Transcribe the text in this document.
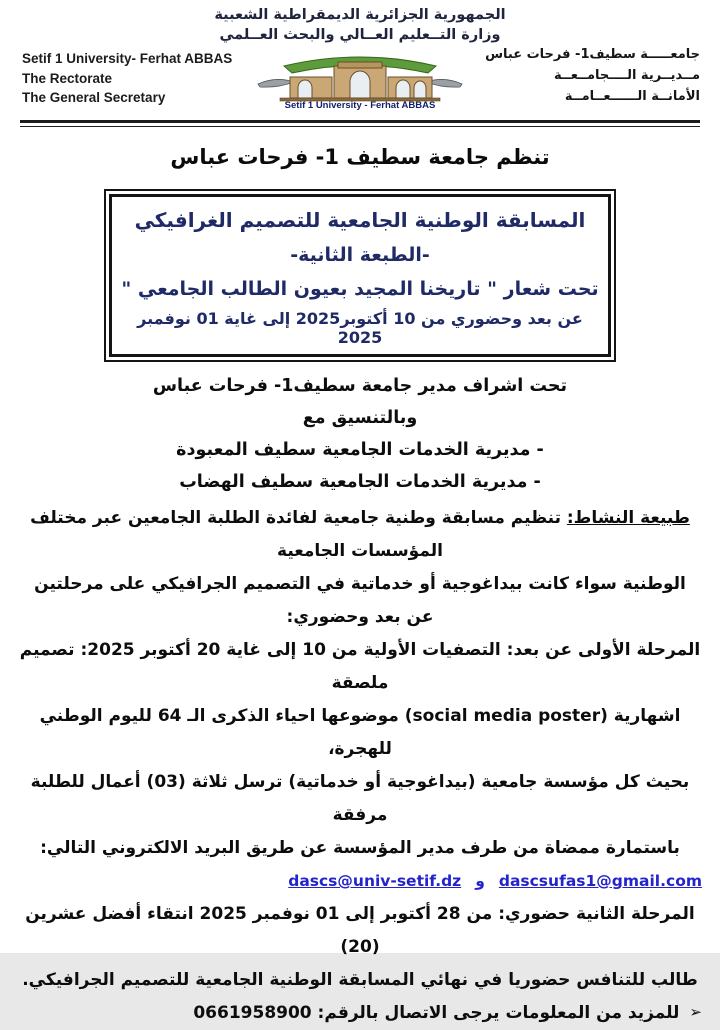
Setif 1 University- Ferhat ABBAS
The Rectorate
The General Secretary
الجمهورية الجزائرية الديمقراطية الشعبية
وزارة التــعليم العــالي والبحث العــلمي
Setif 1 University - Ferhat ABBAS
جامعـــــة سطيف1- فرحات عباس
مــديــرية الــــجامــعــة
الأمانــة الــــــعــامــة
تنظم جامعة سطيف 1- فرحات عباس
المسابقة الوطنية الجامعية للتصميم الغرافيكي
-الطبعة الثانية-
تحت شعار " تاريخنا المجيد بعيون الطالب الجامعي "
عن بعد وحضوري من 10 أكتوبر2025 إلى غاية 01 نوفمبر 2025
تحت اشراف مدير جامعة سطيف1- فرحات عباس
وبالتنسيق مع
- مديرية الخدمات الجامعية سطيف المعبودة
- مديرية الخدمات الجامعية سطيف الهضاب
طبيعة النشاط: تنظيم مسابقة وطنية جامعية لفائدة الطلبة الجامعين عبر مختلف المؤسسات الجامعية
الوطنية سواء كانت بيداغوجية أو خدماتية في التصميم الجرافيكي على مرحلتين عن بعد وحضوري:
المرحلة الأولى عن بعد: التصفيات الأولية من 10 إلى غاية 20 أكتوبر 2025: تصميم ملصقة
اشهارية (social media poster) موضوعها احياء الذكرى الـ 64 لليوم الوطني للهجرة،
بحيث كل مؤسسة جامعية (بيداغوجية أو خدماتية) ترسل ثلاثة (03) أعمال للطلبة مرفقة
باستمارة ممضاة من طرف مدير المؤسسة عن طريق البريد الالكتروني التالي:
dascsufas1@gmail.comوdascs@univ-setif.dz
المرحلة الثانية حضوري: من 28 أكتوبر إلى 01 نوفمبر 2025 انتقاء أفضل عشرين (20)
طالب للتنافس حضوريا في نهائي المسابقة الوطنية الجامعية للتصميم الجرافيكي.
➢للمزيد من المعلومات يرجى الاتصال بالرقم: 0661958900
